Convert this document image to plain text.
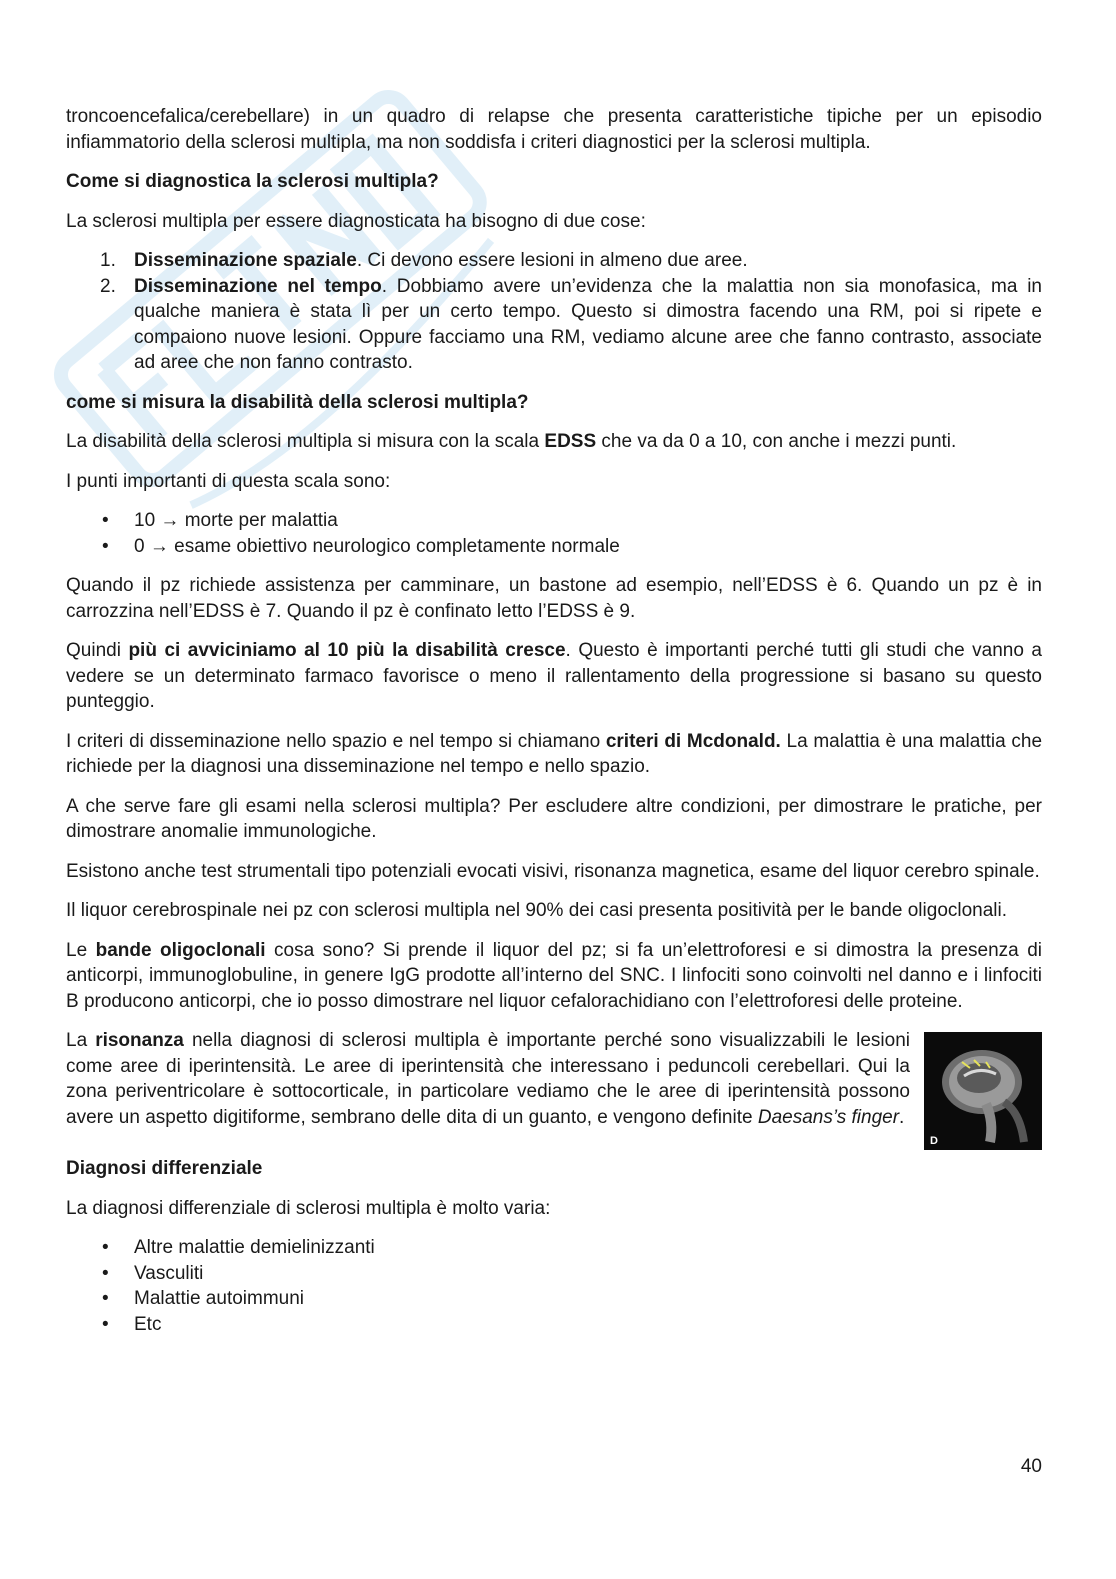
troncoencefalica/cerebellare) in un quadro di relapse che presenta caratteristiche tipiche per un episodio infiammatorio della sclerosi multipla, ma non soddisfa i criteri diagnostici per la sclerosi multipla.

Come si diagnostica la sclerosi multipla?

La sclerosi multipla per essere diagnosticata ha bisogno di due cose:

1. Disseminazione spaziale. Ci devono essere lesioni in almeno due aree.
2. Disseminazione nel tempo. Dobbiamo avere un’evidenza che la malattia non sia monofasica, ma in qualche maniera è stata lì per un certo tempo. Questo si dimostra facendo una RM, poi si ripete e compaiono nuove lesioni. Oppure facciamo una RM, vediamo alcune aree che fanno contrasto, associate ad aree che non fanno contrasto.
come si misura la disabilità della sclerosi multipla?

La disabilità della sclerosi multipla si misura con la scala EDSS che va da 0 a 10, con anche i mezzi punti.

I punti importanti di questa scala sono:

• 10 → morte per malattia
• 0 → esame obiettivo neurologico completamente normale

Quando il pz richiede assistenza per camminare, un bastone ad esempio, nell’EDSS è 6. Quando un pz è in carrozzina nell’EDSS è 7. Quando il pz è confinato letto l’EDSS è 9.

Quindi più ci avviciniamo al 10 più la disabilità cresce. Questo è importanti perché tutti gli studi che vanno a vedere se un determinato farmaco favorisce o meno il rallentamento della progressione si basano su questo punteggio.

I criteri di disseminazione nello spazio e nel tempo si chiamano criteri di Mcdonald. La malattia è una malattia che richiede per la diagnosi una disseminazione nel tempo e nello spazio.

A che serve fare gli esami nella sclerosi multipla? Per escludere altre condizioni, per dimostrare le pratiche, per dimostrare anomalie immunologiche.

Esistono anche test strumentali tipo potenziali evocati visivi, risonanza magnetica, esame del liquor cerebro spinale.

Il liquor cerebrospinale nei pz con sclerosi multipla nel 90% dei casi presenta positività per le bande oligoclonali.

Le bande oligoclonali cosa sono? Si prende il liquor del pz; si fa un’elettroforesi e si dimostra la presenza di anticorpi, immunoglobuline, in genere IgG prodotte all’interno del SNC. I linfociti sono coinvolti nel danno e i linfociti B producono anticorpi, che io posso dimostrare nel liquor cefalorachidiano con l’elettroforesi delle proteine.

D

La risonanza nella diagnosi di sclerosi multipla è importante perché sono visualizzabili le lesioni come aree di iperintensità. Le aree di iperintensità che interessano i peduncoli cerebellari. Qui la zona periventricolare è sottocorticale, in particolare vediamo che le aree di iperintensità possono avere un aspetto digitiforme, sembrano delle dita di un guanto, e vengono definite Daesans’s finger.

Diagnosi differenziale

La diagnosi differenziale di sclerosi multipla è molto varia:

• Altre malattie demielinizzanti
• Vasculiti
• Malattie autoimmuni
• Etc
40
